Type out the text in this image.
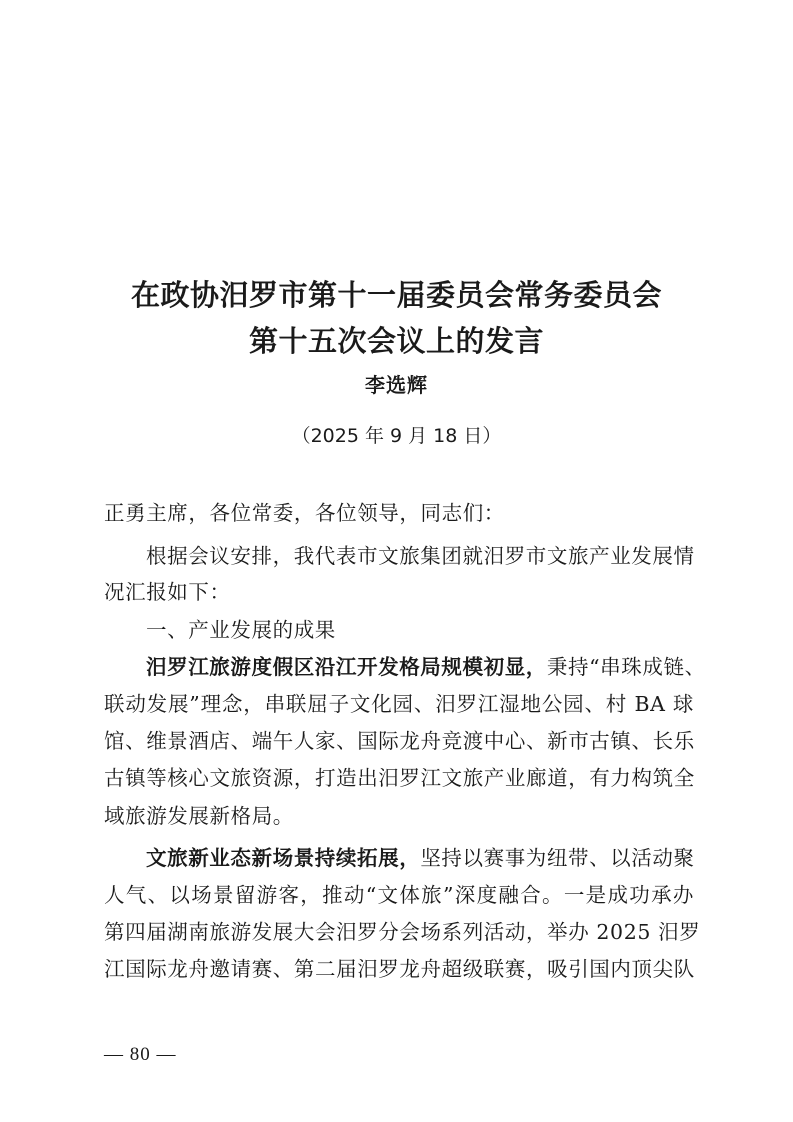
在政协汨罗市第十一届委员会常务委员会
第十五次会议上的发言
李选辉
（2025 年 9 月 18 日）
正勇主席，各位常委，各位领导，同志们：
根据会议安排，我代表市文旅集团就汨罗市文旅产业发展情
况汇报如下：
一、产业发展的成果
汨罗江旅游度假区沿江开发格局规模初显，秉持“串珠成链、
联动发展”理念，串联屈子文化园、汨罗江湿地公园、村 BA 球
馆、维景酒店、端午人家、国际龙舟竞渡中心、新市古镇、长乐
古镇等核心文旅资源，打造出汨罗江文旅产业廊道，有力构筑全
域旅游发展新格局。
文旅新业态新场景持续拓展，坚持以赛事为纽带、以活动聚
人气、以场景留游客，推动“文体旅”深度融合。一是成功承办
第四届湖南旅游发展大会汨罗分会场系列活动，举办 2025 汨罗
江国际龙舟邀请赛、第二届汨罗龙舟超级联赛，吸引国内顶尖队
— 80 —
